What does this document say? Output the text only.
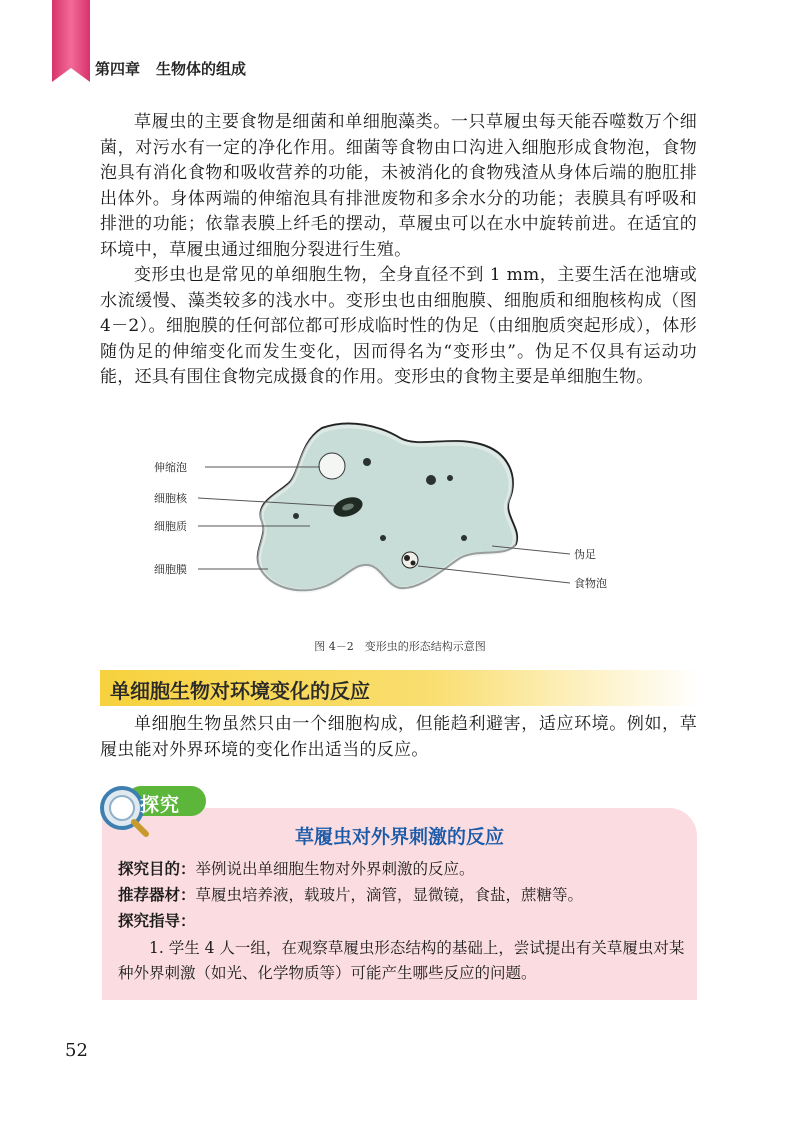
第四章 生物体的组成

草履虫的主要食物是细菌和单细胞藻类。一只草履虫每天能吞噬数万个细菌，对污水有一定的净化作用。细菌等食物由口沟进入细胞形成食物泡，食物泡具有消化食物和吸收营养的功能，未被消化的食物残渣从身体后端的胞肛排出体外。身体两端的伸缩泡具有排泄废物和多余水分的功能；表膜具有呼吸和排泄的功能；依靠表膜上纤毛的摆动，草履虫可以在水中旋转前进。在适宜的环境中，草履虫通过细胞分裂进行生殖。

变形虫也是常见的单细胞生物，全身直径不到 1 mm，主要生活在池塘或水流缓慢、藻类较多的浅水中。变形虫也由细胞膜、细胞质和细胞核构成（图 4－2）。细胞膜的任何部位都可形成临时性的伪足（由细胞质突起形成），体形随伪足的伸缩变化而发生变化，因而得名为“变形虫”。伪足不仅具有运动功能，还具有围住食物完成摄食的作用。变形虫的食物主要是单细胞生物。

伸缩泡
细胞核
细胞质
细胞膜
伪足
食物泡
图 4－2　变形虫的形态结构示意图
单细胞生物对环境变化的反应

单细胞生物虽然只由一个细胞构成，但能趋利避害，适应环境。例如，草履虫能对外界环境的变化作出适当的反应。

探究
草履虫对外界刺激的反应

探究目的：举例说出单细胞生物对外界刺激的反应。

推荐器材：草履虫培养液，载玻片，滴管，显微镜，食盐，蔗糖等。

探究指导：

1. 学生 4 人一组，在观察草履虫形态结构的基础上，尝试提出有关草履虫对某种外界刺激（如光、化学物质等）可能产生哪些反应的问题。

52
